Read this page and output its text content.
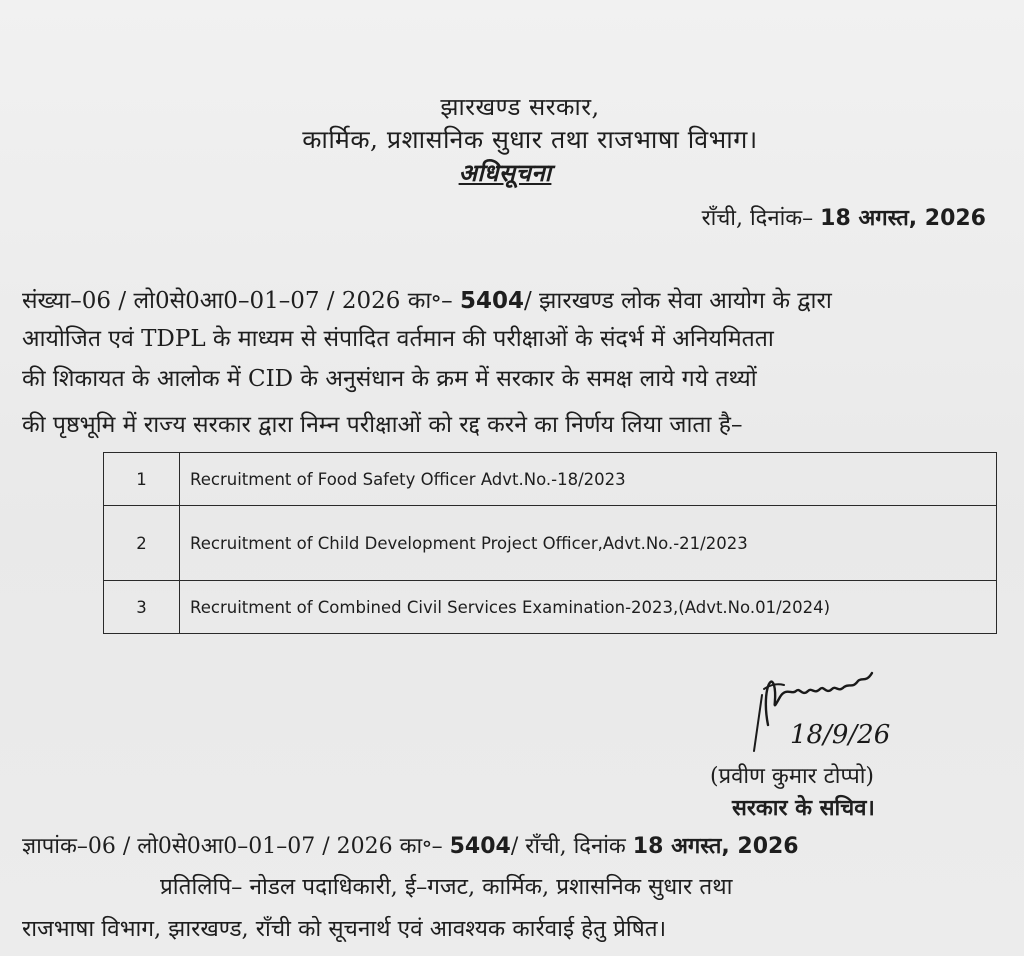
झारखण्ड सरकार,
कार्मिक, प्रशासनिक सुधार तथा राजभाषा विभाग।
अधिसूचना
राँची, दिनांक– 18 अगस्त, 2026
संख्या–06 / लो0से0आ0–01–07 / 2026 का॰– 5404/ झारखण्ड लोक सेवा आयोग के द्वारा
आयोजित एवं TDPL के माध्यम से संपादित वर्तमान की परीक्षाओं के संदर्भ में अनियमितता
की शिकायत के आलोक में CID के अनुसंधान के क्रम में सरकार के समक्ष लाये गये तथ्यों
की पृष्ठभूमि में राज्य सरकार द्वारा निम्न परीक्षाओं को रद्द करने का निर्णय लिया जाता है–
1	Recruitment of Food Safety Officer Advt.No.-18/2023
2	Recruitment of Child Development Project Officer,Advt.No.-21/2023
3	Recruitment of Combined Civil Services Examination-2023,(Advt.No.01/2024)
18/9/26
(प्रवीण कुमार टोप्पो)
सरकार के सचिव।
ज्ञापांक–06 / लो0से0आ0–01–07 / 2026 का॰– 5404/ राँची, दिनांक 18 अगस्त, 2026
प्रतिलिपि– नोडल पदाधिकारी, ई–गजट, कार्मिक, प्रशासनिक सुधार तथा
राजभाषा विभाग, झारखण्ड, राँची को सूचनार्थ एवं आवश्यक कार्रवाई हेतु प्रेषित।
